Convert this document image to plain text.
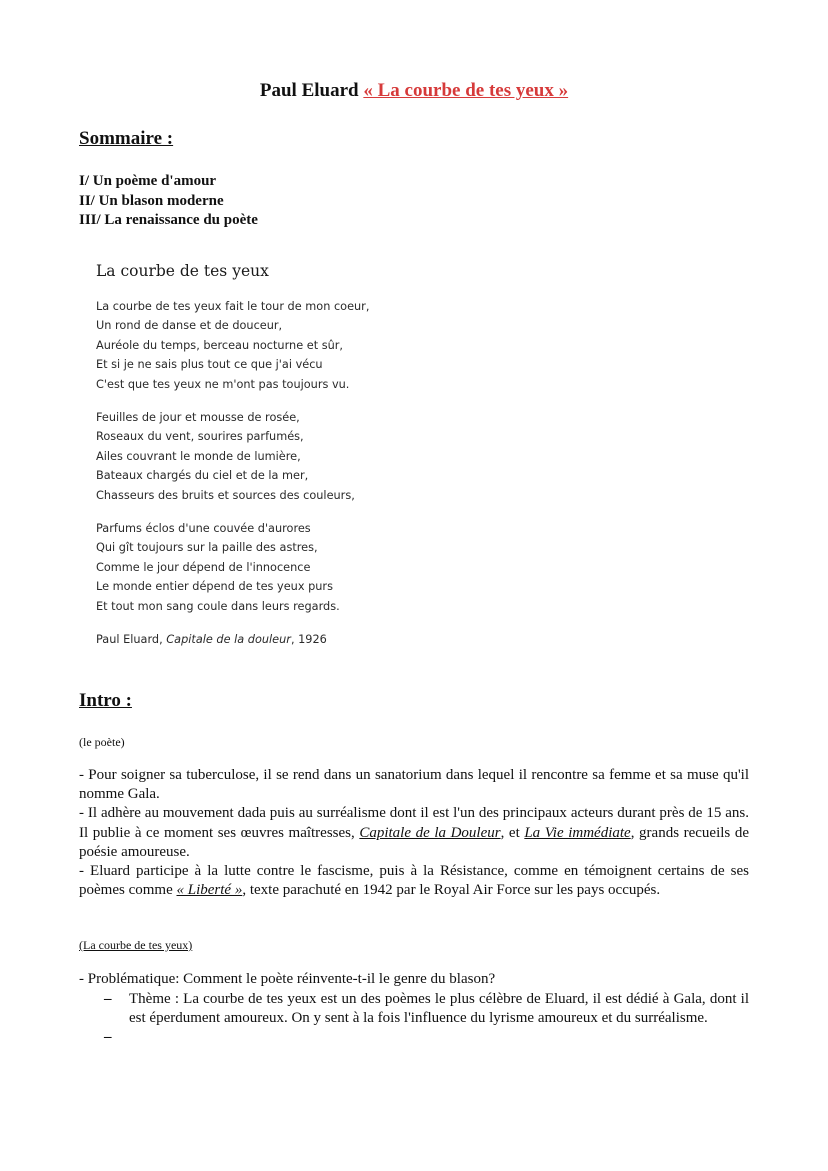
Paul Eluard « La courbe de tes yeux »
Sommaire :
I/ Un poème d'amour
II/ Un blason moderne
III/ La renaissance du poète
La courbe de tes yeux
La courbe de tes yeux fait le tour de mon coeur,
Un rond de danse et de douceur,
Auréole du temps, berceau nocturne et sûr,
Et si je ne sais plus tout ce que j'ai vécu
C'est que tes yeux ne m'ont pas toujours vu.
Feuilles de jour et mousse de rosée,
Roseaux du vent, sourires parfumés,
Ailes couvrant le monde de lumière,
Bateaux chargés du ciel et de la mer,
Chasseurs des bruits et sources des couleurs,
Parfums éclos d'une couvée d'aurores
Qui gît toujours sur la paille des astres,
Comme le jour dépend de l'innocence
Le monde entier dépend de tes yeux purs
Et tout mon sang coule dans leurs regards.
Paul Eluard, Capitale de la douleur, 1926
Intro :
(le poète)

- Pour soigner sa tuberculose, il se rend dans un sanatorium dans lequel il rencontre sa femme et sa muse qu'il nomme Gala.

- Il adhère au mouvement dada puis au surréalisme dont il est l'un des principaux acteurs durant près de 15 ans. Il publie à ce moment ses œuvres maîtresses, Capitale de la Douleur, et La Vie immédiate, grands recueils de poésie amoureuse.

- Eluard participe à la lutte contre le fascisme, puis à la Résistance, comme en témoignent certains de ses poèmes comme « Liberté », texte parachuté en 1942 par le Royal Air Force sur les pays occupés.

(La courbe de tes yeux)
- Problématique: Comment le poète réinvente-t-il le genre du blason?
– Thème : La courbe de tes yeux est un des poèmes le plus célèbre de Eluard, il est dédié à Gala, dont il est éperdument amoureux. On y sent à la fois l'influence du lyrisme amoureux et du surréalisme.
–
